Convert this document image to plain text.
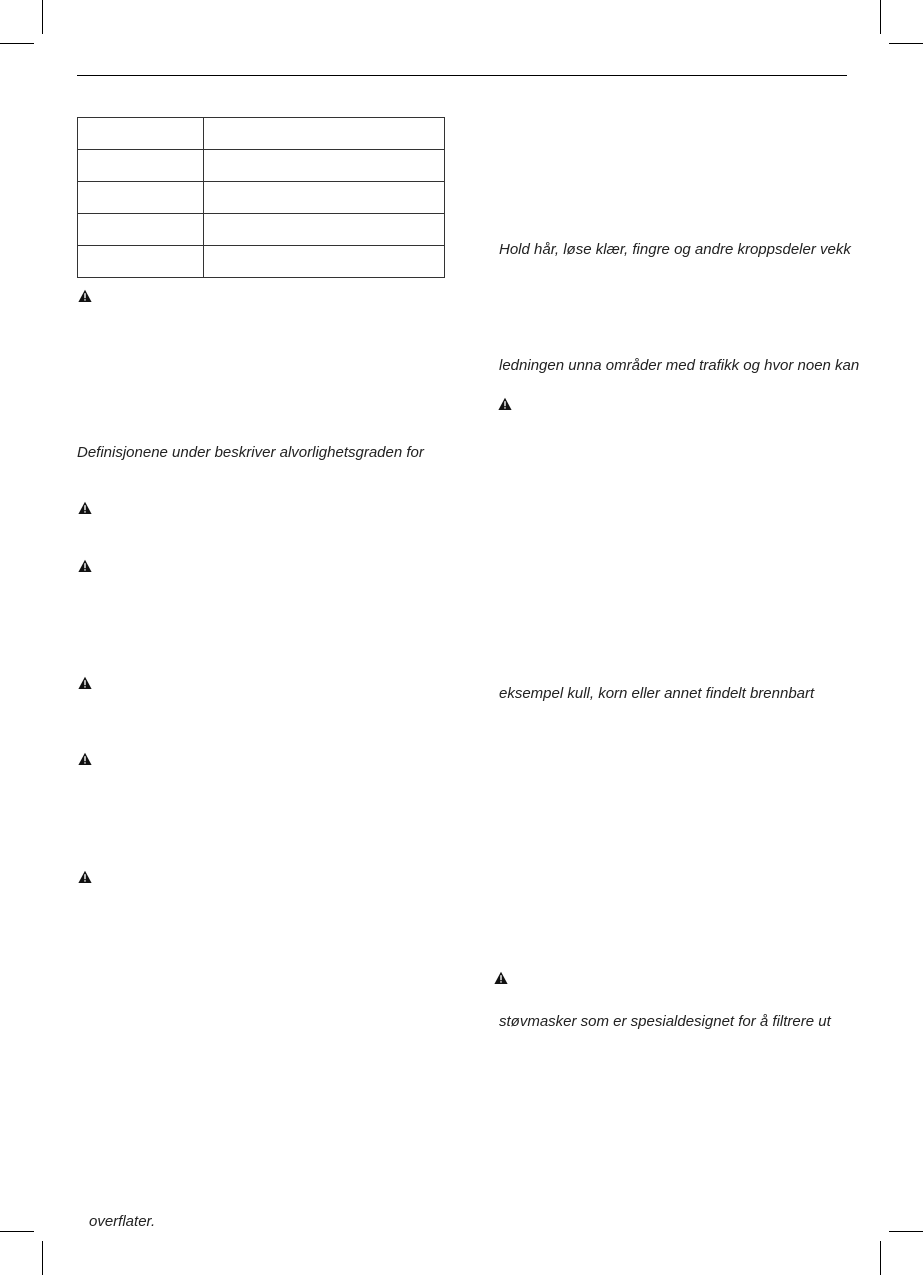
Definisjonene under beskriver alvorlighetsgraden for
overflater.
Hold hår, løse klær, fingre og andre kroppsdeler vekk
ledningen unna områder med trafikk og hvor noen kan
eksempel kull, korn eller annet findelt brennbart
støvmasker som er spesialdesignet for å filtrere ut
